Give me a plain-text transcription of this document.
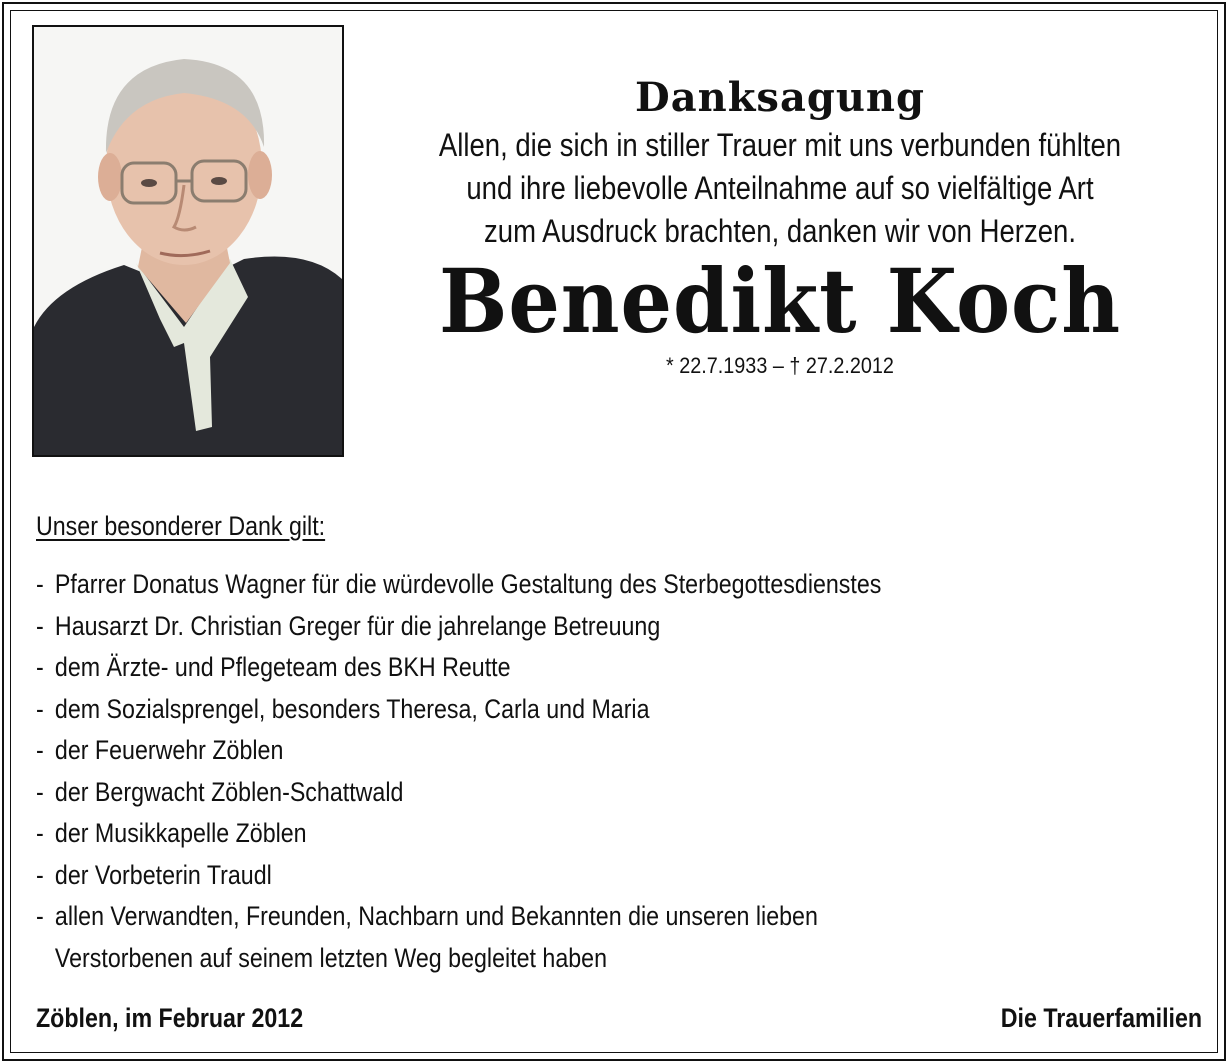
Danksagung
Allen, die sich in stiller Trauer mit uns verbunden fühlten
und ihre liebevolle Anteilnahme auf so vielfältige Art
zum Ausdruck brachten, danken wir von Herzen.
Benedikt Koch
* 22.7.1933 – † 27.2.2012
Unser besonderer Dank gilt:
- Pfarrer Donatus Wagner für die würdevolle Gestaltung des Sterbegottesdienstes
- Hausarzt Dr. Christian Greger für die jahrelange Betreuung
- dem Ärzte- und Pflegeteam des BKH Reutte
- dem Sozialsprengel, besonders Theresa, Carla und Maria
- der Feuerwehr Zöblen
- der Bergwacht Zöblen-Schattwald
- der Musikkapelle Zöblen
- der Vorbeterin Traudl
- allen Verwandten, Freunden, Nachbarn und Bekannten die unseren lieben
Verstorbenen auf seinem letzten Weg begleitet haben
Zöblen, im Februar 2012	Die Trauerfamilien
